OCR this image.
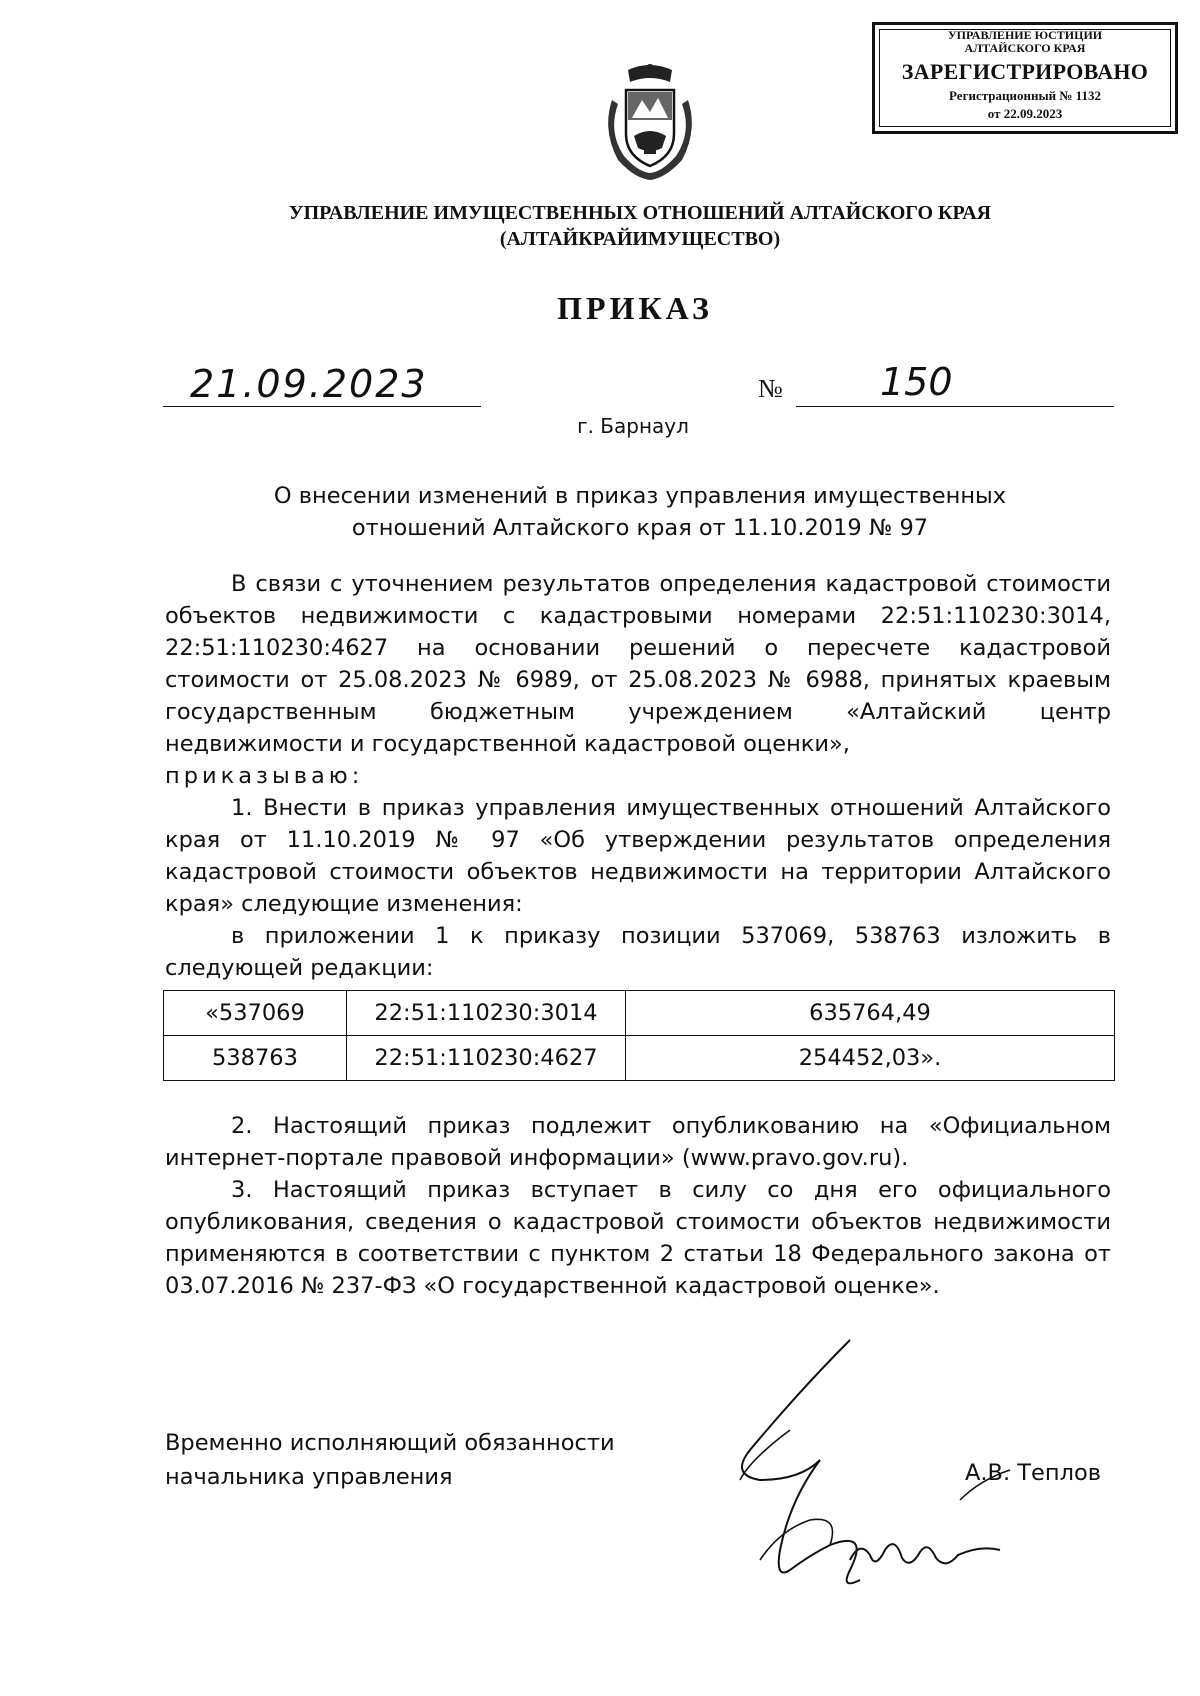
УПРАВЛЕНИЕ ЮСТИЦИИ
АЛТАЙСКОГО КРАЯ
ЗАРЕГИСТРИРОВАНО
Регистрационный № 1132
от 22.09.2023
УПРАВЛЕНИЕ ИМУЩЕСТВЕННЫХ ОТНОШЕНИЙ АЛТАЙСКОГО КРАЯ
(АЛТАЙКРАЙИМУЩЕСТВО)
ПРИКАЗ
21.09.2023	№	150
г. Барнаул
О внесении изменений в приказ управления имущественных
отношений Алтайского края от 11.10.2019 № 97

В связи с уточнением результатов определения кадастровой стоимости объектов недвижимости с кадастровыми номерами 22:51:110230:3014, 22:51:110230:4627 на основании решений о пересчете кадастровой стоимости от 25.08.2023 № 6989, от 25.08.2023 № 6988, принятых краевым государственным бюджетным учреждением «Алтайский центр недвижимости и государственной кадастровой оценки»,

приказываю:

1. Внести в приказ управления имущественных отношений Алтайского края от 11.10.2019 № 97 «Об утверждении результатов определения кадастровой стоимости объектов недвижимости на территории Алтайского края» следующие изменения:

в приложении 1 к приказу позиции 537069, 538763 изложить в следующей редакции:

«537069	22:51:110230:3014	635764,49
538763	22:51:110230:4627	254452,03».

2. Настоящий приказ подлежит опубликованию на «Официальном интернет-портале правовой информации» (www.pravo.gov.ru).

3. Настоящий приказ вступает в силу со дня его официального опубликования, сведения о кадастровой стоимости объектов недвижимости применяются в соответствии с пунктом 2 статьи 18 Федерального закона от 03.07.2016 № 237-ФЗ «О государственной кадастровой оценке».

Временно исполняющий обязанности
начальника управления	А.В. Теплов
